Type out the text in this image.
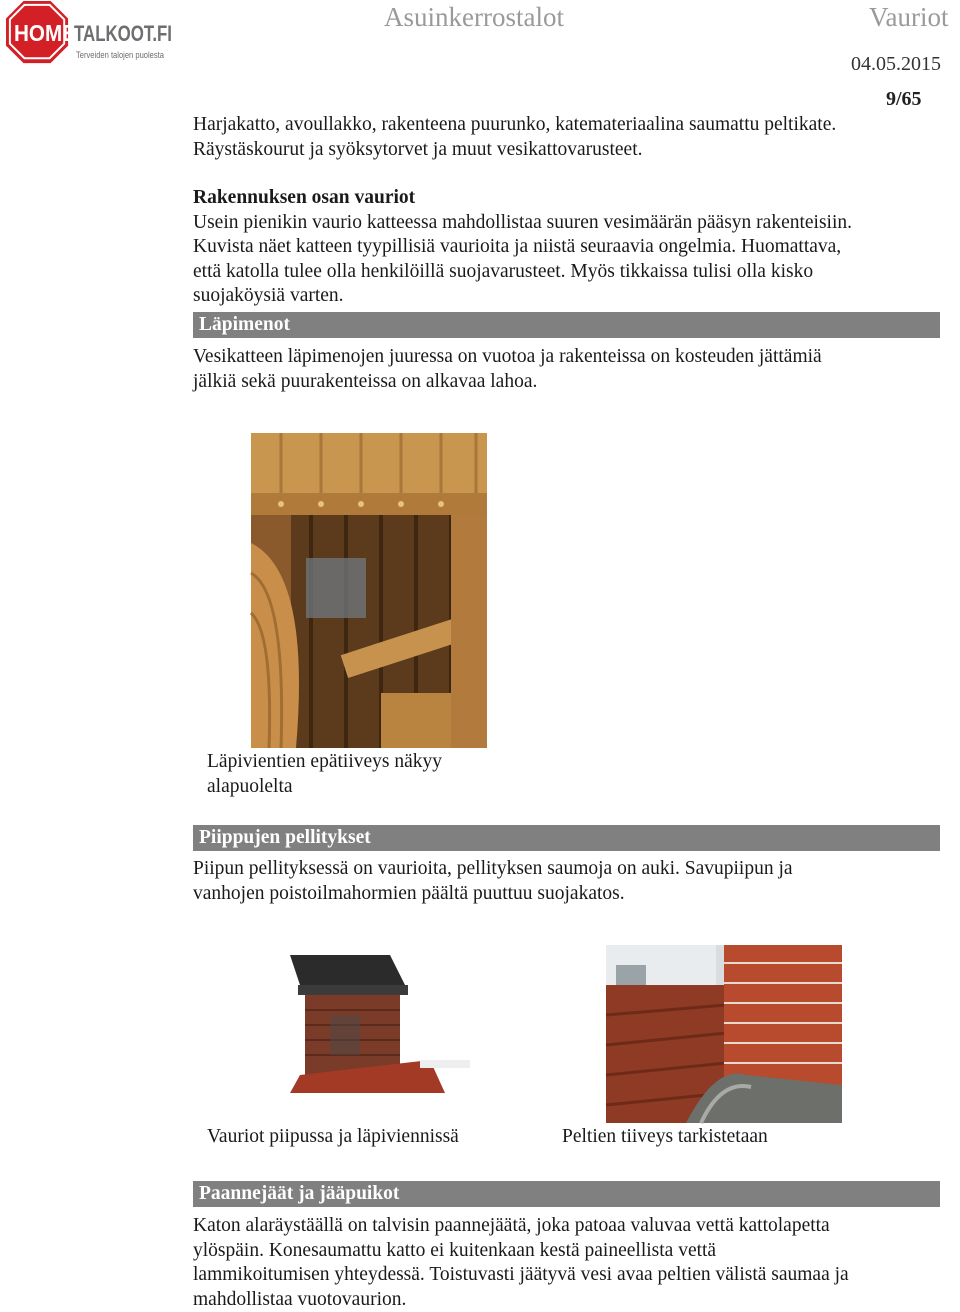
HOME
TALKOOT.FI
Terveiden talojen puolesta
Asuinkerrostalot	Vauriot
04.05.2015
9/65
Harjakatto, avoullakko, rakenteena puurunko, katemateriaalina saumattu peltikate.
Räystäskourut ja syöksytorvet ja muut vesikattovarusteet.
Rakennuksen osan vauriot
Usein pienikin vaurio katteessa mahdollistaa suuren vesimäärän pääsyn rakenteisiin.
Kuvista näet katteen tyypillisiä vaurioita ja niistä seuraavia ongelmia. Huomattava,
että katolla tulee olla henkilöillä suojavarusteet. Myös tikkaissa tulisi olla kisko
suojaköysiä varten.
Läpimenot
Vesikatteen läpimenojen juuressa on vuotoa ja rakenteissa on kosteuden jättämiä
jälkiä sekä puurakenteissa on alkavaa lahoa.
Läpivientien epätiiveys näkyy
alapuolelta
Piippujen pellitykset
Piipun pellityksessä on vaurioita, pellityksen saumoja on auki. Savupiipun ja
vanhojen poistoilmahormien päältä puuttuu suojakatos.
Vauriot piipussa ja läpiviennissä	Peltien tiiveys tarkistetaan
Paannejäät ja jääpuikot
Katon alaräystäällä on talvisin paannejäätä, joka patoaa valuvaa vettä kattolapetta
ylöspäin. Konesaumattu katto ei kuitenkaan kestä paineellista vettä
lammikoitumisen yhteydessä. Toistuvasti jäätyvä vesi avaa peltien välistä saumaa ja
mahdollistaa vuotovaurion.
